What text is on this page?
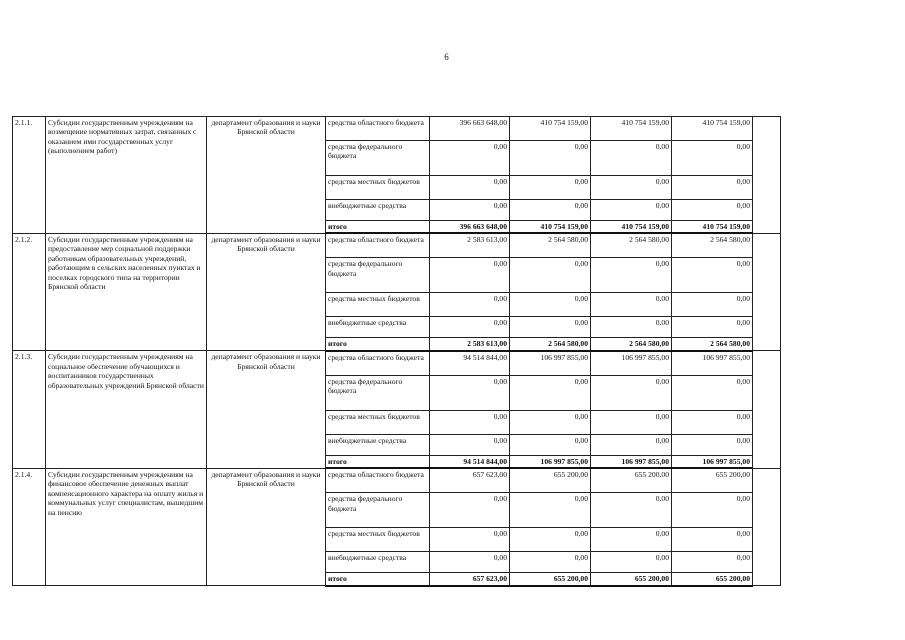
6
2.1.1.	Субсидии государственным учреждениям на возмещение нормативных затрат, связанных с оказанием ими государственных услуг (выполнением работ)	департамент образования и науки Брянской области	средства областного бюджета	396 663 648,00	410 754 159,00	410 754 159,00	410 754 159,00	
			средства федерального бюджета	0,00	0,00	0,00	0,00	
			средства местных бюджетов	0,00	0,00	0,00	0,00	
			внебюджетные средства	0,00	0,00	0,00	0,00	
			итого	396 663 648,00	410 754 159,00	410 754 159,00	410 754 159,00	
2.1.2.	Субсидии государственным учреждениям на предоставление мер социальной поддержки работникам образовательных учреждений, работающим в сельских населенных пунктах и поселках городского типа на территории Брянской области	департамент образования и науки Брянской области	средства областного бюджета	2 583 613,00	2 564 580,00	2 564 580,00	2 564 580,00	
			средства федерального бюджета	0,00	0,00	0,00	0,00	
			средства местных бюджетов	0,00	0,00	0,00	0,00	
			внебюджетные средства	0,00	0,00	0,00	0,00	
			итого	2 583 613,00	2 564 580,00	2 564 580,00	2 564 580,00	
2.1.3.	Субсидии государственным учреждениям на социальное обеспечение обучающихся и воспитанников государственных образовательных учреждений Брянской области	департамент образования и науки Брянской области	средства областного бюджета	94 514 844,00	106 997 855,00	106 997 855,00	106 997 855,00	
			средства федерального бюджета	0,00	0,00	0,00	0,00	
			средства местных бюджетов	0,00	0,00	0,00	0,00	
			внебюджетные средства	0,00	0,00	0,00	0,00	
			итого	94 514 844,00	106 997 855,00	106 997 855,00	106 997 855,00	
2.1.4.	Субсидии государственным учреждениям на финансовое обеспечение денежных выплат компенсационного характера на оплату жилья и коммунальных услуг специалистам, вышедшим на пенсию	департамент образования и науки Брянской области	средства областного бюджета	657 623,00	655 200,00	655 200,00	655 200,00	
			средства федерального бюджета	0,00	0,00	0,00	0,00	
			средства местных бюджетов	0,00	0,00	0,00	0,00	
			внебюджетные средства	0,00	0,00	0,00	0,00	
			итого	657 623,00	655 200,00	655 200,00	655 200,00	
